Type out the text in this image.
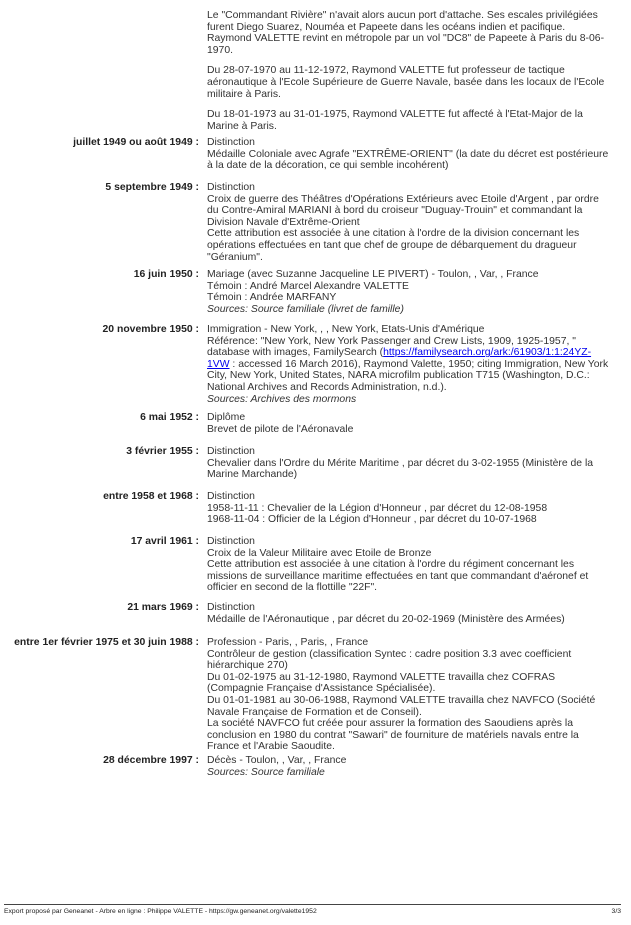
Le "Commandant Rivière" n'avait alors aucun port d'attache. Ses escales privilégiées furent Diego Suarez, Nouméa et Papeete dans les océans indien et pacifique. Raymond VALETTE revint en métropole par un vol "DC8" de Papeete à Paris du 8-06-1970.

Du 28-07-1970 au 11-12-1972, Raymond VALETTE fut professeur de tactique aéronautique à l'Ecole Supérieure de Guerre Navale, basée dans les locaux de l'Ecole militaire à Paris.

Du 18-01-1973 au 31-01-1975, Raymond VALETTE fut affecté à l'Etat-Major de la Marine à Paris.

juillet 1949 ou août 1949 : Distinction
Médaille Coloniale avec Agrafe "EXTRÊME-ORIENT" (la date du décret est postérieure à la date de la décoration, ce qui semble incohérent)
5 septembre 1949 : Distinction
Croix de guerre des Théâtres d'Opérations Extérieurs avec Etoile d'Argent , par ordre du Contre-Amiral MARIANI à bord du croiseur "Duguay-Trouin" et commandant la Division Navale d'Extrême-Orient
Cette attribution est associée à une citation à l'ordre de la division concernant les opérations effectuées en tant que chef de groupe de débarquement du dragueur "Géranium".
16 juin 1950 : Mariage (avec Suzanne Jacqueline LE PIVERT) - Toulon, , Var, , France
Témoin : André Marcel Alexandre VALETTE
Témoin : Andrée MARFANY
Sources: Source familiale (livret de famille)
20 novembre 1950 : Immigration - New York, , , New York, Etats-Unis d'Amérique
Référence: "New York, New York Passenger and Crew Lists, 1909, 1925-1957, " database with images, FamilySearch (https://familysearch.org/ark:/61903/1:1:24YZ-1VW : accessed 16 March 2016), Raymond Valette, 1950; citing Immigration, New York City, New York, United States, NARA microfilm publication T715 (Washington, D.C.: National Archives and Records Administration, n.d.).
Sources: Archives des mormons
6 mai 1952 : Diplôme
Brevet de pilote de l'Aéronavale
3 février 1955 : Distinction
Chevalier dans l'Ordre du Mérite Maritime , par décret du 3-02-1955 (Ministère de la Marine Marchande)
entre 1958 et 1968 : Distinction
1958-11-11 : Chevalier de la Légion d'Honneur , par décret du 12-08-1958
1968-11-04 : Officier de la Légion d'Honneur , par décret du 10-07-1968
17 avril 1961 : Distinction
Croix de la Valeur Militaire avec Etoile de Bronze
Cette attribution est associée à une citation à l'ordre du régiment concernant les missions de surveillance maritime effectuées en tant que commandant d'aéronef et officier en second de la flottille "22F".
21 mars 1969 : Distinction
Médaille de l'Aéronautique , par décret du 20-02-1969 (Ministère des Armées)
entre 1er février 1975 et 30 juin 1988 : Profession - Paris, , Paris, , France
Contrôleur de gestion (classification Syntec : cadre position 3.3 avec coefficient hiérarchique 270)
Du 01-02-1975 au 31-12-1980, Raymond VALETTE travailla chez COFRAS (Compagnie Française d'Assistance Spécialisée).
Du 01-01-1981 au 30-06-1988, Raymond VALETTE travailla chez NAVFCO (Société Navale Française de Formation et de Conseil).
La société NAVFCO fut créée pour assurer la formation des Saoudiens après la conclusion en 1980 du contrat "Sawari" de fourniture de matériels navals entre la France et l'Arabie Saoudite.
28 décembre 1997 : Décès - Toulon, , Var, , France
Sources: Source familiale
Export proposé par Geneanet - Arbre en ligne : Philippe VALETTE - https://gw.geneanet.org/valette1952	3/3
